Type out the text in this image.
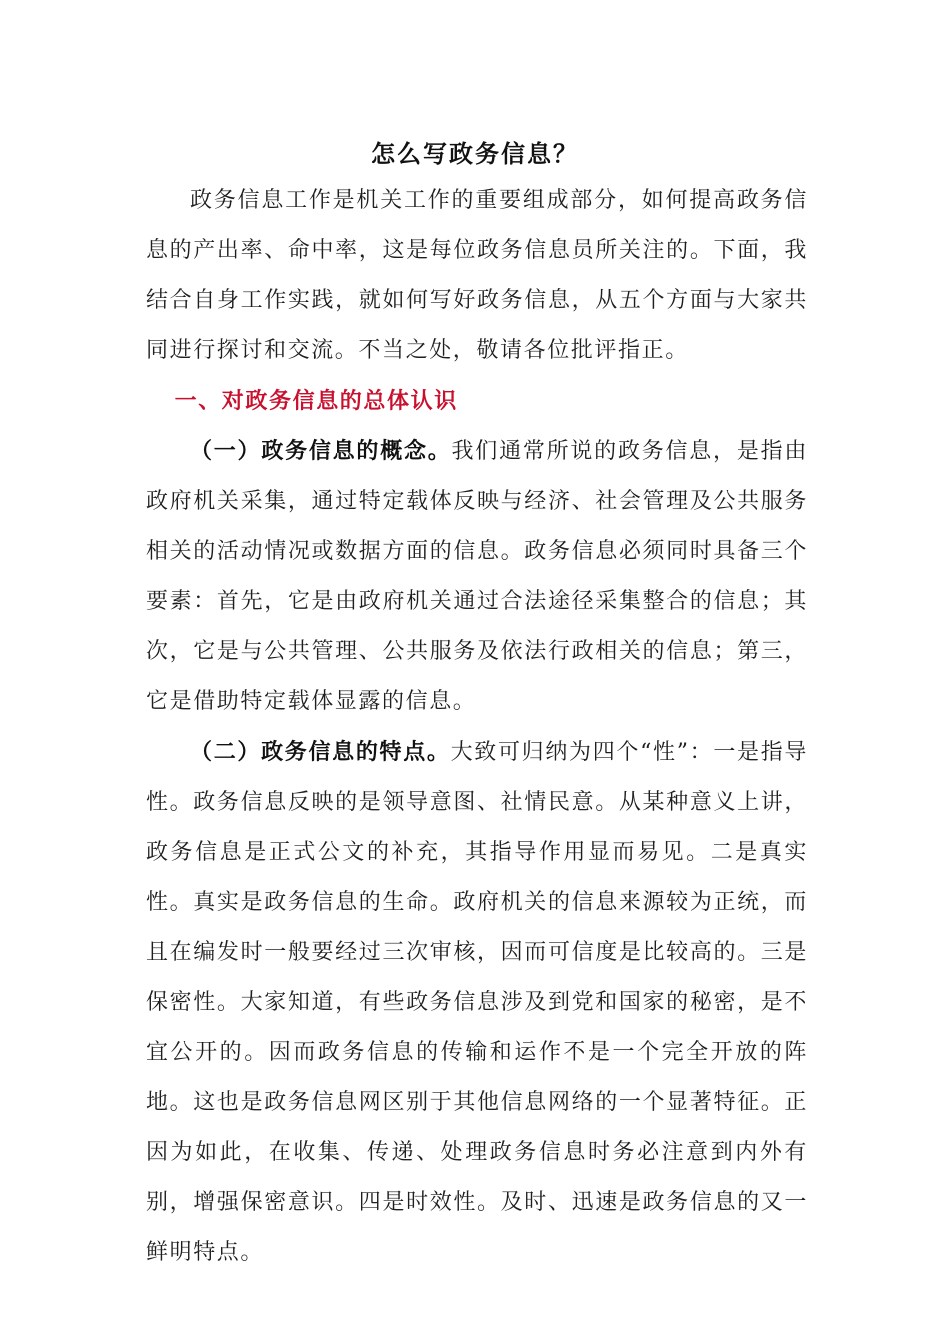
怎么写政务信息？

政务信息工作是机关工作的重要组成部分，如何提高政务信息的产出率、命中率，这是每位政务信息员所关注的。下面，我结合自身工作实践，就如何写好政务信息，从五个方面与大家共同进行探讨和交流。不当之处，敬请各位批评指正。

一、对政务信息的总体认识

（一）政务信息的概念。我们通常所说的政务信息，是指由政府机关采集，通过特定载体反映与经济、社会管理及公共服务相关的活动情况或数据方面的信息。政务信息必须同时具备三个要素：首先，它是由政府机关通过合法途径采集整合的信息；其次，它是与公共管理、公共服务及依法行政相关的信息；第三，它是借助特定载体显露的信息。

（二）政务信息的特点。大致可归纳为四个“性”：一是指导性。政务信息反映的是领导意图、社情民意。从某种意义上讲，政务信息是正式公文的补充，其指导作用显而易见。二是真实性。真实是政务信息的生命。政府机关的信息来源较为正统，而且在编发时一般要经过三次审核，因而可信度是比较高的。三是保密性。大家知道，有些政务信息涉及到党和国家的秘密，是不宜公开的。因而政务信息的传输和运作不是一个完全开放的阵地。这也是政务信息网区别于其他信息网络的一个显著特征。正因为如此，在收集、传递、处理政务信息时务必注意到内外有别，增强保密意识。四是时效性。及时、迅速是政务信息的又一鲜明特点。
